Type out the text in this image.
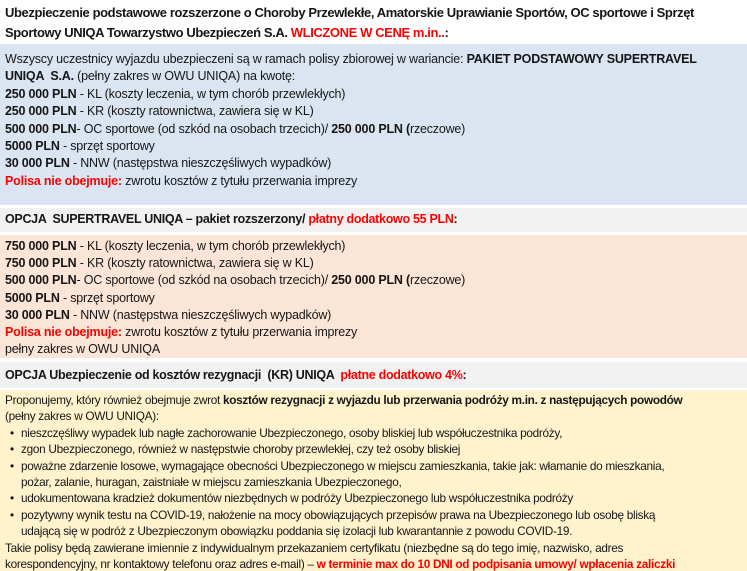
Ubezpieczenie podstawowe rozszerzone o Choroby Przewlekłe, Amatorskie Uprawianie Sportów, OC sportowe i Sprzęt
Sportowy UNIQA Towarzystwo Ubezpieczeń S.A. WLICZONE W CENĘ m.in..:
Wszyscy uczestnicy wyjazdu ubezpieczeni są w ramach polisy zbiorowej w wariancie: PAKIET PODSTAWOWY SUPERTRAVEL
UNIQA  S.A. (pełny zakres w OWU UNIQA) na kwotę:
250 000 PLN - KL (koszty leczenia, w tym chorób przewlekłych)
250 000 PLN - KR (koszty ratownictwa, zawiera się w KL)
500 000 PLN- OC sportowe (od szkód na osobach trzecich)/ 250 000 PLN (rzeczowe)
5000 PLN - sprzęt sportowy
30 000 PLN - NNW (następstwa nieszczęśliwych wypadków)
Polisa nie obejmuje: zwrotu kosztów z tytułu przerwania imprezy
OPCJA  SUPERTRAVEL UNIQA – pakiet rozszerzony/ płatny dodatkowo 55 PLN:
750 000 PLN - KL (koszty leczenia, w tym chorób przewlekłych)
750 000 PLN - KR (koszty ratownictwa, zawiera się w KL)
500 000 PLN- OC sportowe (od szkód na osobach trzecich)/ 250 000 PLN (rzeczowe)
5000 PLN - sprzęt sportowy
30 000 PLN - NNW (następstwa nieszczęśliwych wypadków)
Polisa nie obejmuje: zwrotu kosztów z tytułu przerwania imprezy
pełny zakres w OWU UNIQA
OPCJA Ubezpieczenie od kosztów rezygnacji  (KR) UNIQA  płatne dodatkowo 4%:
Proponujemy, który również obejmuje zwrot kosztów rezygnacji z wyjazdu lub przerwania podróży m.in. z następujących powodów
(pełny zakres w OWU UNIQA):
• nieszczęśliwy wypadek lub nagłe zachorowanie Ubezpieczonego, osoby bliskiej lub współuczestnika podróży,
• zgon Ubezpieczonego, również w następstwie choroby przewlekłej, czy też osoby bliskiej
• poważne zdarzenie losowe, wymagające obecności Ubezpieczonego w miejscu zamieszkania, takie jak: włamanie do mieszkania,
pożar, zalanie, huragan, zaistniałe w miejscu zamieszkania Ubezpieczonego,
• udokumentowana kradzież dokumentów niezbędnych w podróży Ubezpieczonego lub współuczestnika podróży
• pozytywny wynik testu na COVID-19, nałożenie na mocy obowiązujących przepisów prawa na Ubezpieczonego lub osobę bliską
udającą się w podróż z Ubezpieczonym obowiązku poddania się izolacji lub kwarantannie z powodu COVID-19.
Takie polisy będą zawierane imiennie z indywidualnym przekazaniem certyfikatu (niezbędne są do tego imię, nazwisko, adres
korespondencyjny, nr kontaktowy telefonu oraz adres e-mail) – w terminie max do 10 DNI od podpisania umowy/ wpłacenia zaliczki
